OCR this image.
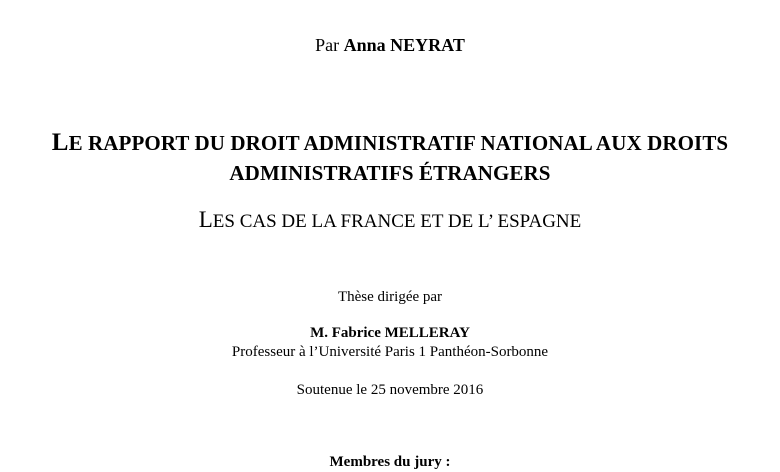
Par Anna NEYRAT
LE RAPPORT DU DROIT ADMINISTRATIF NATIONAL AUX DROITS
ADMINISTRATIFS ÉTRANGERS
LES CAS DE LA FRANCE ET DE L’ ESPAGNE
Thèse dirigée par
M. Fabrice MELLERAY
Professeur à l’Université Paris 1 Panthéon-Sorbonne
Soutenue le 25 novembre 2016
Membres du jury :
